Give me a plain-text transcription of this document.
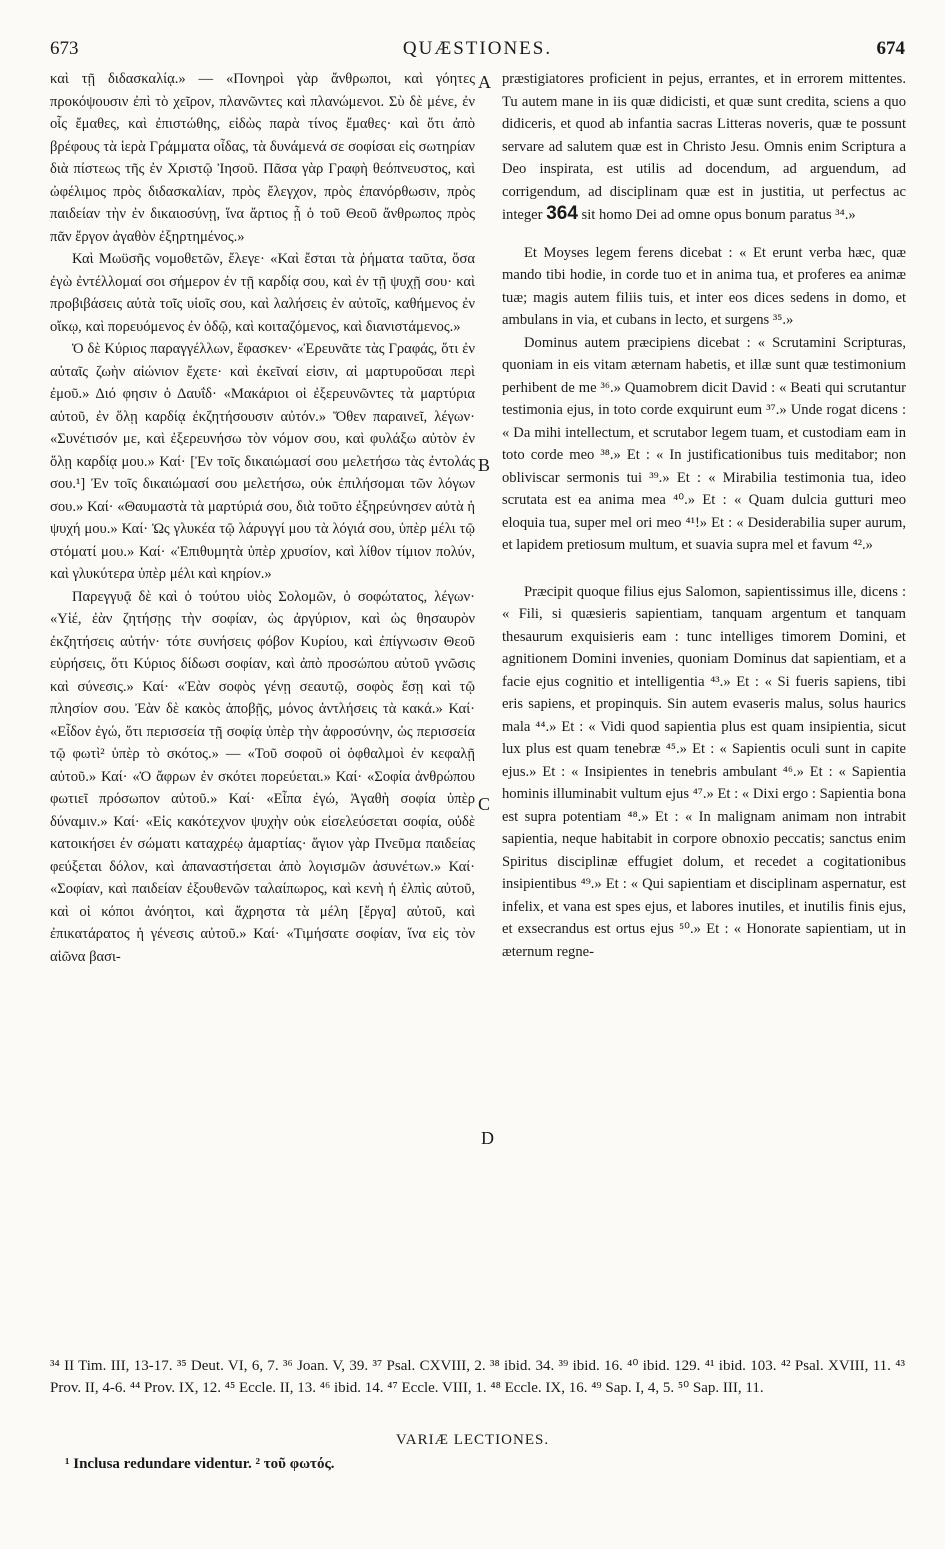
673	QUÆSTIONES.	674
A
B
C
D

καὶ τῇ διδασκαλίᾳ.» — «Πονηροὶ γὰρ ἄνθρωποι, καὶ γόητες προκόψουσιν ἐπὶ τὸ χεῖρον, πλανῶντες καὶ πλανώμενοι. Σὺ δὲ μένε, ἐν οἷς ἔμαθες, καὶ ἐπιστώθης, εἰδὼς παρὰ τίνος ἔμαθες· καὶ ὅτι ἀπὸ βρέφους τὰ ἱερὰ Γράμματα οἶδας, τὰ δυνάμενά σε σοφίσαι εἰς σωτηρίαν διὰ πίστεως τῆς ἐν Χριστῷ Ἰησοῦ. Πᾶσα γὰρ Γραφὴ θεόπνευστος, καὶ ὠφέλιμος πρὸς διδασκαλίαν, πρὸς ἔλεγχον, πρὸς ἐπανόρθωσιν, πρὸς παιδείαν τὴν ἐν δικαιοσύνῃ, ἵνα ἄρτιος ᾖ ὁ τοῦ Θεοῦ ἄνθρωπος πρὸς πᾶν ἔργον ἀγαθὸν ἐξηρτημένος.»

Καὶ Μωϋσῆς νομοθετῶν, ἔλεγε· «Καὶ ἔσται τὰ ῥήματα ταῦτα, ὅσα ἐγὼ ἐντέλλομαί σοι σήμερον ἐν τῇ καρδίᾳ σου, καὶ ἐν τῇ ψυχῇ σου· καὶ προβιβάσεις αὐτὰ τοῖς υἱοῖς σου, καὶ λαλήσεις ἐν αὐτοῖς, καθήμενος ἐν οἴκῳ, καὶ πορευόμενος ἐν ὁδῷ, καὶ κοιταζόμενος, καὶ διανιστάμενος.»

Ὁ δὲ Κύριος παραγγέλλων, ἔφασκεν· «Ἐρευνᾶτε τὰς Γραφάς, ὅτι ἐν αὐταῖς ζωὴν αἰώνιον ἔχετε· καὶ ἐκεῖναί εἰσιν, αἱ μαρτυροῦσαι περὶ ἐμοῦ.» Διό φησιν ὁ Δαυΐδ· «Μακάριοι οἱ ἐξερευνῶντες τὰ μαρτύρια αὐτοῦ, ἐν ὅλῃ καρδίᾳ ἐκζητήσουσιν αὐτόν.» Ὅθεν παραινεῖ, λέγων· «Συνέτισόν με, καὶ ἐξερευνήσω τὸν νόμον σου, καὶ φυλάξω αὐτὸν ἐν ὅλῃ καρδίᾳ μου.» Καί· [Ἐν τοῖς δικαιώμασί σου μελετήσω τὰς ἐντολάς σου.¹] Ἐν τοῖς δικαιώμασί σου μελετήσω, οὐκ ἐπιλήσομαι τῶν λόγων σου.» Καί· «Θαυμαστὰ τὰ μαρτύριά σου, διὰ τοῦτο ἐξηρεύνησεν αὐτὰ ἡ ψυχή μου.» Καί· Ὡς γλυκέα τῷ λάρυγγί μου τὰ λόγιά σου, ὑπὲρ μέλι τῷ στόματί μου.» Καί· «Ἐπιθυμητὰ ὑπὲρ χρυσίον, καὶ λίθον τίμιον πολύν, καὶ γλυκύτερα ὑπὲρ μέλι καὶ κηρίον.»

Παρεγγυᾷ δὲ καὶ ὁ τούτου υἱὸς Σολομῶν, ὁ σοφώτατος, λέγων· «Υἱέ, ἐὰν ζητήσῃς τὴν σοφίαν, ὡς ἀργύριον, καὶ ὡς θησαυρὸν ἐκζητήσεις αὐτήν· τότε συνήσεις φόβον Κυρίου, καὶ ἐπίγνωσιν Θεοῦ εὑρήσεις, ὅτι Κύριος δίδωσι σοφίαν, καὶ ἀπὸ προσώπου αὐτοῦ γνῶσις καὶ σύνεσις.» Καί· «Ἐὰν σοφὸς γένῃ σεαυτῷ, σοφὸς ἔσῃ καὶ τῷ πλησίον σου. Ἐὰν δὲ κακὸς ἀποβῇς, μόνος ἀντλήσεις τὰ κακά.» Καί· «Εἶδον ἐγώ, ὅτι περισσεία τῇ σοφίᾳ ὑπὲρ τὴν ἀφροσύνην, ὡς περισσεία τῷ φωτὶ² ὑπὲρ τὸ σκότος.» — «Τοῦ σοφοῦ οἱ ὀφθαλμοὶ ἐν κεφαλῇ αὐτοῦ.» Καί· «Ὁ ἄφρων ἐν σκότει πορεύεται.» Καί· «Σοφία ἀνθρώπου φωτιεῖ πρόσωπον αὐτοῦ.» Καί· «Εἶπα ἐγώ, Ἀγαθὴ σοφία ὑπὲρ δύναμιν.» Καί· «Εἰς κακότεχνον ψυχὴν οὐκ εἰσελεύσεται σοφία, οὐδὲ κατοικήσει ἐν σώματι καταχρέῳ ἁμαρτίας· ἅγιον γὰρ Πνεῦμα παιδείας φεύξεται δόλον, καὶ ἀπαναστήσεται ἀπὸ λογισμῶν ἀσυνέτων.» Καί· «Σοφίαν, καὶ παιδείαν ἐξουθενῶν ταλαίπωρος, καὶ κενὴ ἡ ἐλπὶς αὐτοῦ, καὶ οἱ κόποι ἀνόητοι, καὶ ἄχρηστα τὰ μέλη [ἔργα] αὐτοῦ, καὶ ἐπικατάρατος ἡ γένεσις αὐτοῦ.» Καί· «Τιμήσατε σοφίαν, ἵνα εἰς τὸν αἰῶνα βασι-

præstigiatores proficient in pejus, errantes, et in errorem mittentes. Tu autem mane in iis quæ didicisti, et quæ sunt credita, sciens a quo didiceris, et quod ab infantia sacras Litteras noveris, quæ te possunt servare ad salutem quæ est in Christo Jesu. Omnis enim Scriptura a Deo inspirata, est utilis ad docendum, ad arguendum, ad corrigendum, ad disciplinam quæ est in justitia, ut perfectus ac integer 364 sit homo Dei ad omne opus bonum paratus ³⁴.»

Et Moyses legem ferens dicebat : « Et erunt verba hæc, quæ mando tibi hodie, in corde tuo et in anima tua, et proferes ea animæ tuæ; magis autem filiis tuis, et inter eos dices sedens in domo, et ambulans in via, et cubans in lecto, et surgens ³⁵.»

Dominus autem præcipiens dicebat : « Scrutamini Scripturas, quoniam in eis vitam æternam habetis, et illæ sunt quæ testimonium perhibent de me ³⁶.» Quamobrem dicit David : « Beati qui scrutantur testimonia ejus, in toto corde exquirunt eum ³⁷.» Unde rogat dicens : « Da mihi intellectum, et scrutabor legem tuam, et custodiam eam in toto corde meo ³⁸.» Et : « In justificationibus tuis meditabor; non obliviscar sermonis tui ³⁹.» Et : « Mirabilia testimonia tua, ideo scrutata est ea anima mea ⁴⁰.» Et : « Quam dulcia gutturi meo eloquia tua, super mel ori meo ⁴¹!» Et : « Desiderabilia super aurum, et lapidem pretiosum multum, et suavia supra mel et favum ⁴².»

Præcipit quoque filius ejus Salomon, sapientissimus ille, dicens : « Fili, si quæsieris sapientiam, tanquam argentum et tanquam thesaurum exquisieris eam : tunc intelliges timorem Domini, et agnitionem Domini invenies, quoniam Dominus dat sapientiam, et a facie ejus cognitio et intelligentia ⁴³.» Et : « Si fueris sapiens, tibi eris sapiens, et propinquis. Sin autem evaseris malus, solus haurics mala ⁴⁴.» Et : « Vidi quod sapientia plus est quam insipientia, sicut lux plus est quam tenebræ ⁴⁵.» Et : « Sapientis oculi sunt in capite ejus.» Et : « Insipientes in tenebris ambulant ⁴⁶.» Et : « Sapientia hominis illuminabit vultum ejus ⁴⁷.» Et : « Dixi ergo : Sapientia bona est supra potentiam ⁴⁸.» Et : « In malignam animam non intrabit sapientia, neque habitabit in corpore obnoxio peccatis; sanctus enim Spiritus disciplinæ effugiet dolum, et recedet a cogitationibus insipientibus ⁴⁹.» Et : « Qui sapientiam et disciplinam aspernatur, est infelix, et vana est spes ejus, et labores inutiles, et inutilis finis ejus, et exsecrandus est ortus ejus ⁵⁰.» Et : « Honorate sapientiam, ut in æternum regne-

³⁴ II Tim. III, 13-17. ³⁵ Deut. VI, 6, 7. ³⁶ Joan. V, 39. ³⁷ Psal. CXVIII, 2. ³⁸ ibid. 34. ³⁹ ibid. 16. ⁴⁰ ibid. 129. ⁴¹ ibid. 103. ⁴² Psal. XVIII, 11. ⁴³ Prov. II, 4-6. ⁴⁴ Prov. IX, 12. ⁴⁵ Eccle. II, 13. ⁴⁶ ibid. 14. ⁴⁷ Eccle. VIII, 1. ⁴⁸ Eccle. IX, 16. ⁴⁹ Sap. I, 4, 5. ⁵⁰ Sap. III, 11.

VARIÆ LECTIONES.
¹ Inclusa redundare videntur. ² τοῦ φωτός.
